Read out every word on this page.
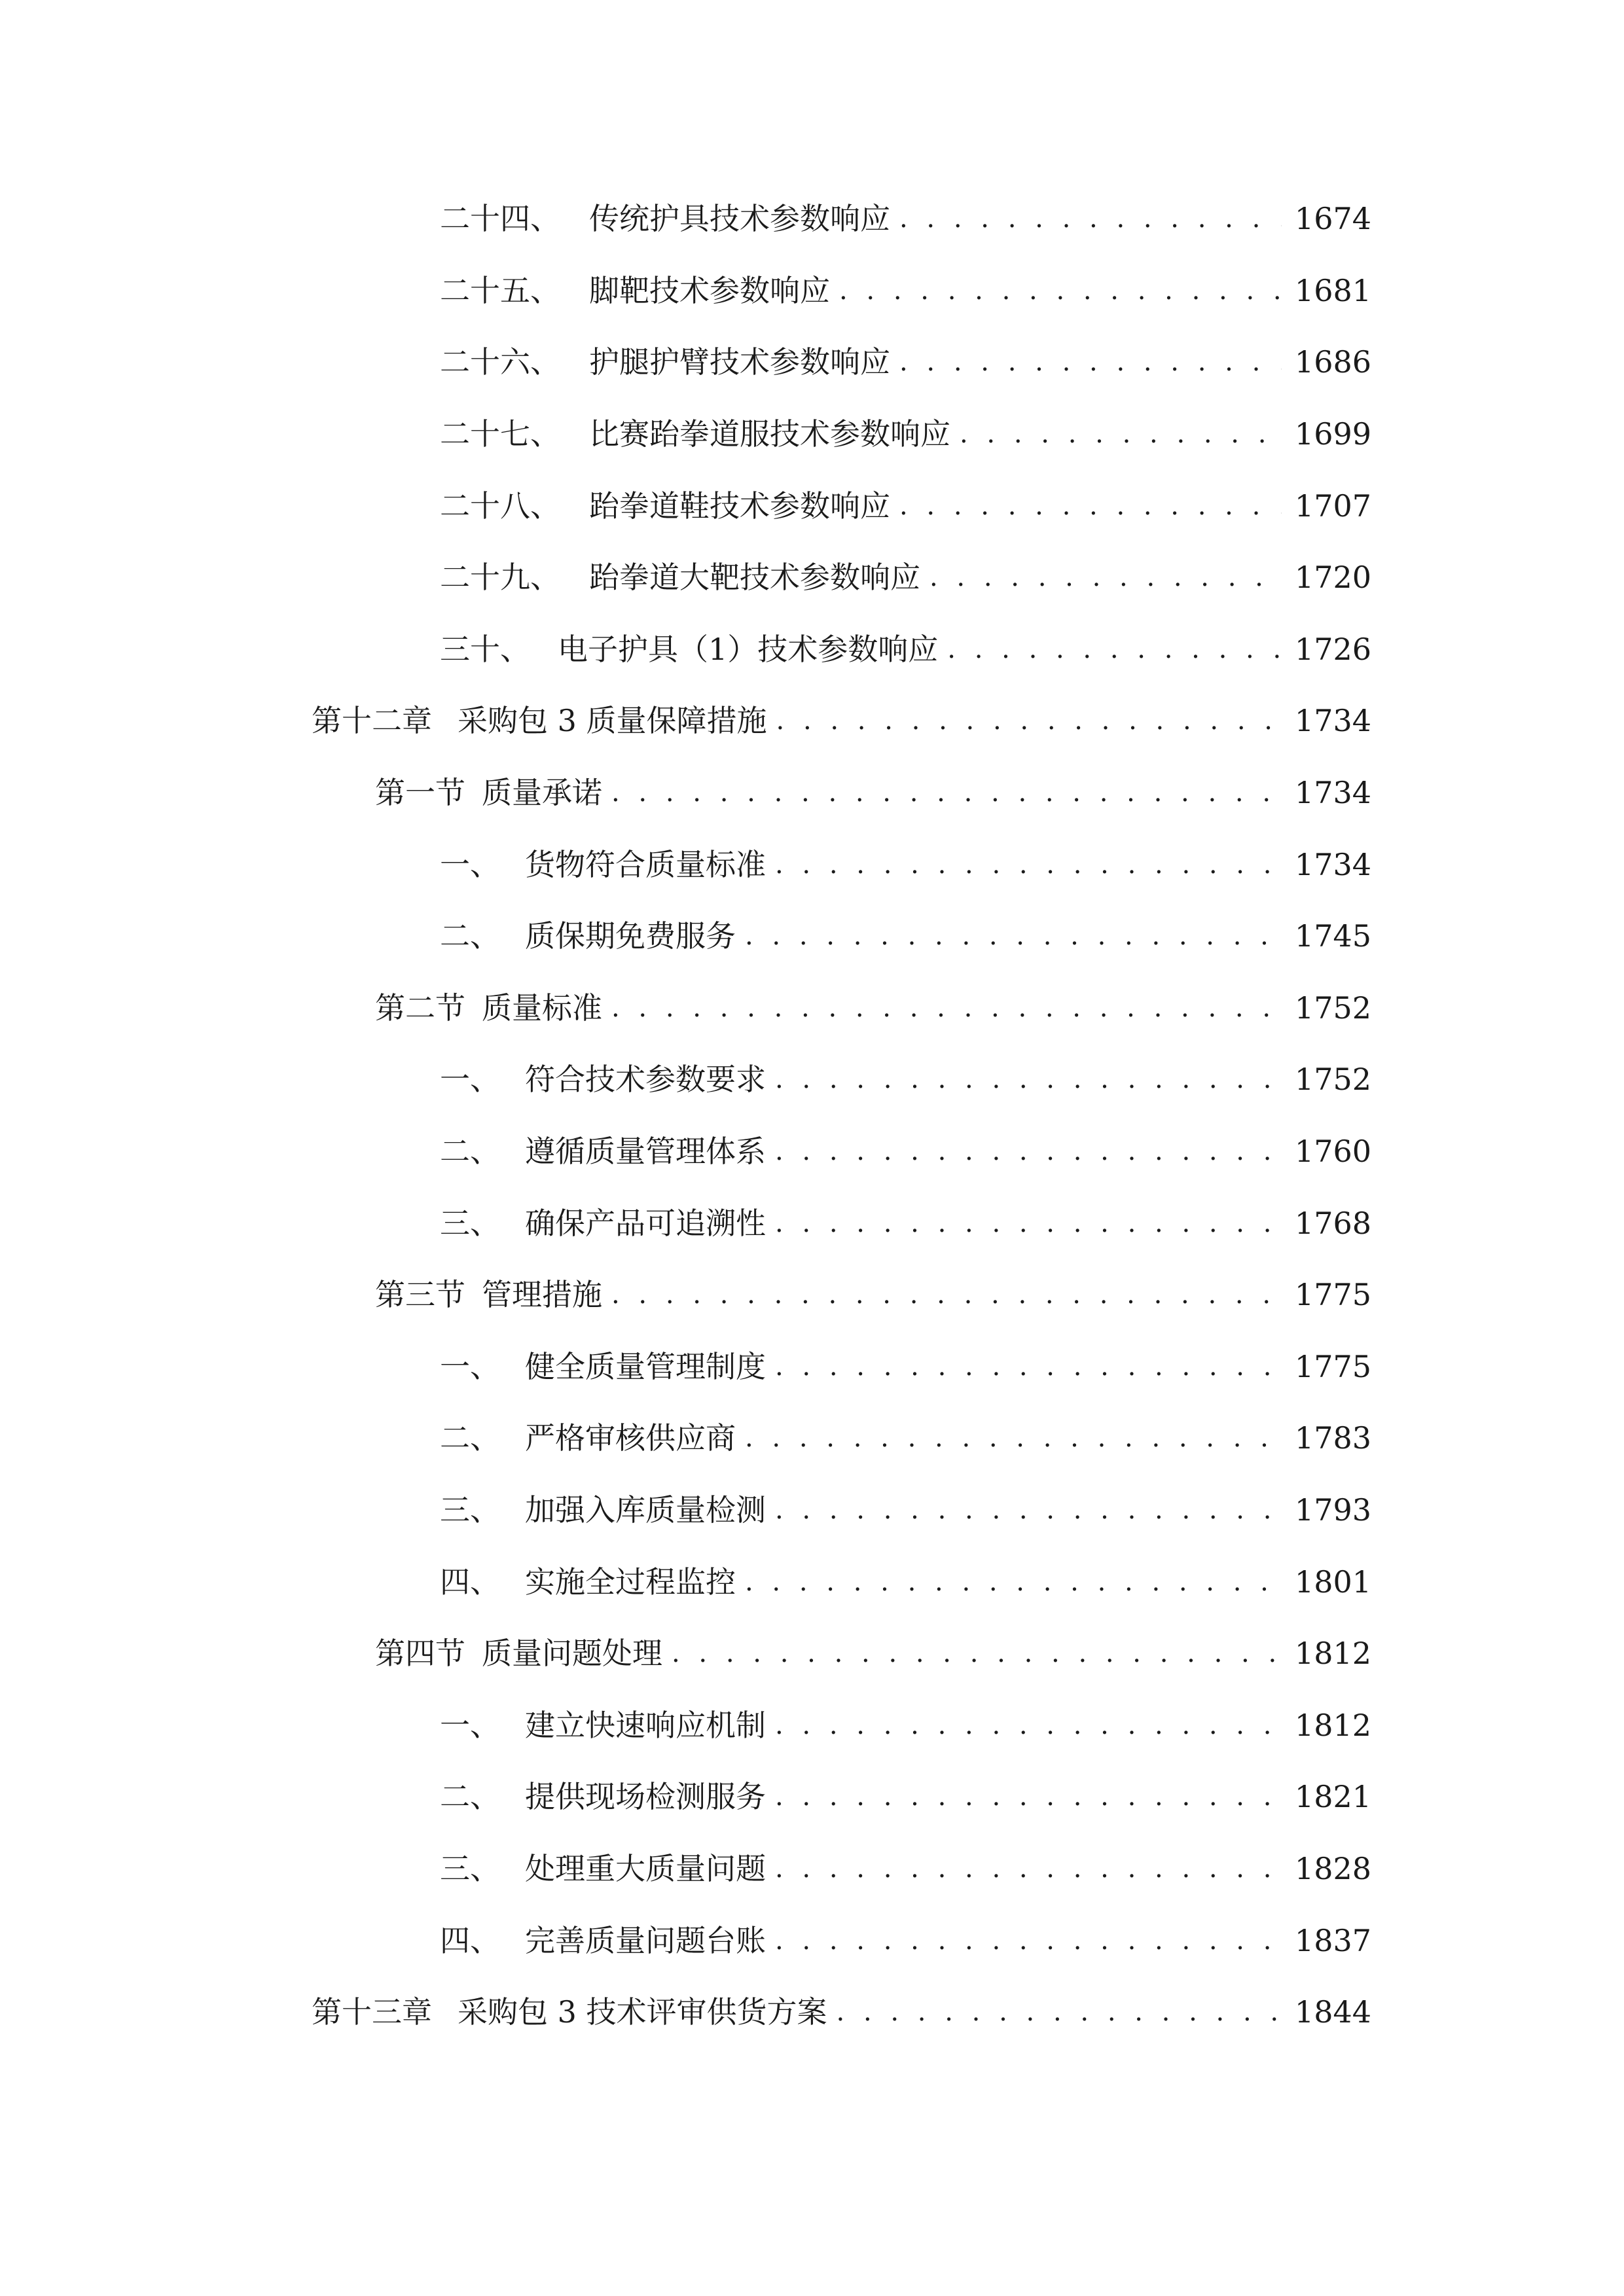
二十四、 传统护具技术参数响应 . . .	1674
二十五、 脚靶技术参数响应 . . .	1681
二十六、 护腿护臂技术参数响应 . . .	1686
二十七、 比赛跆拳道服技术参数响应 . . .	1699
二十八、 跆拳道鞋技术参数响应 . . .	1707
二十九、 跆拳道大靶技术参数响应 . . .	1720
三十、 电子护具（1）技术参数响应 . . .	1726
第十二章 采购包 3 质量保障措施 . . .	1734
第一节 质量承诺 . . .	1734
一、 货物符合质量标准 . . .	1734
二、 质保期免费服务 . . .	1745
第二节 质量标准 . . .	1752
一、 符合技术参数要求 . . .	1752
二、 遵循质量管理体系 . . .	1760
三、 确保产品可追溯性 . . .	1768
第三节 管理措施 . . .	1775
一、 健全质量管理制度 . . .	1775
二、 严格审核供应商 . . .	1783
三、 加强入库质量检测 . . .	1793
四、 实施全过程监控 . . .	1801
第四节 质量问题处理 . . .	1812
一、 建立快速响应机制 . . .	1812
二、 提供现场检测服务 . . .	1821
三、 处理重大质量问题 . . .	1828
四、 完善质量问题台账 . . .	1837
第十三章 采购包 3 技术评审供货方案 . . .	1844
